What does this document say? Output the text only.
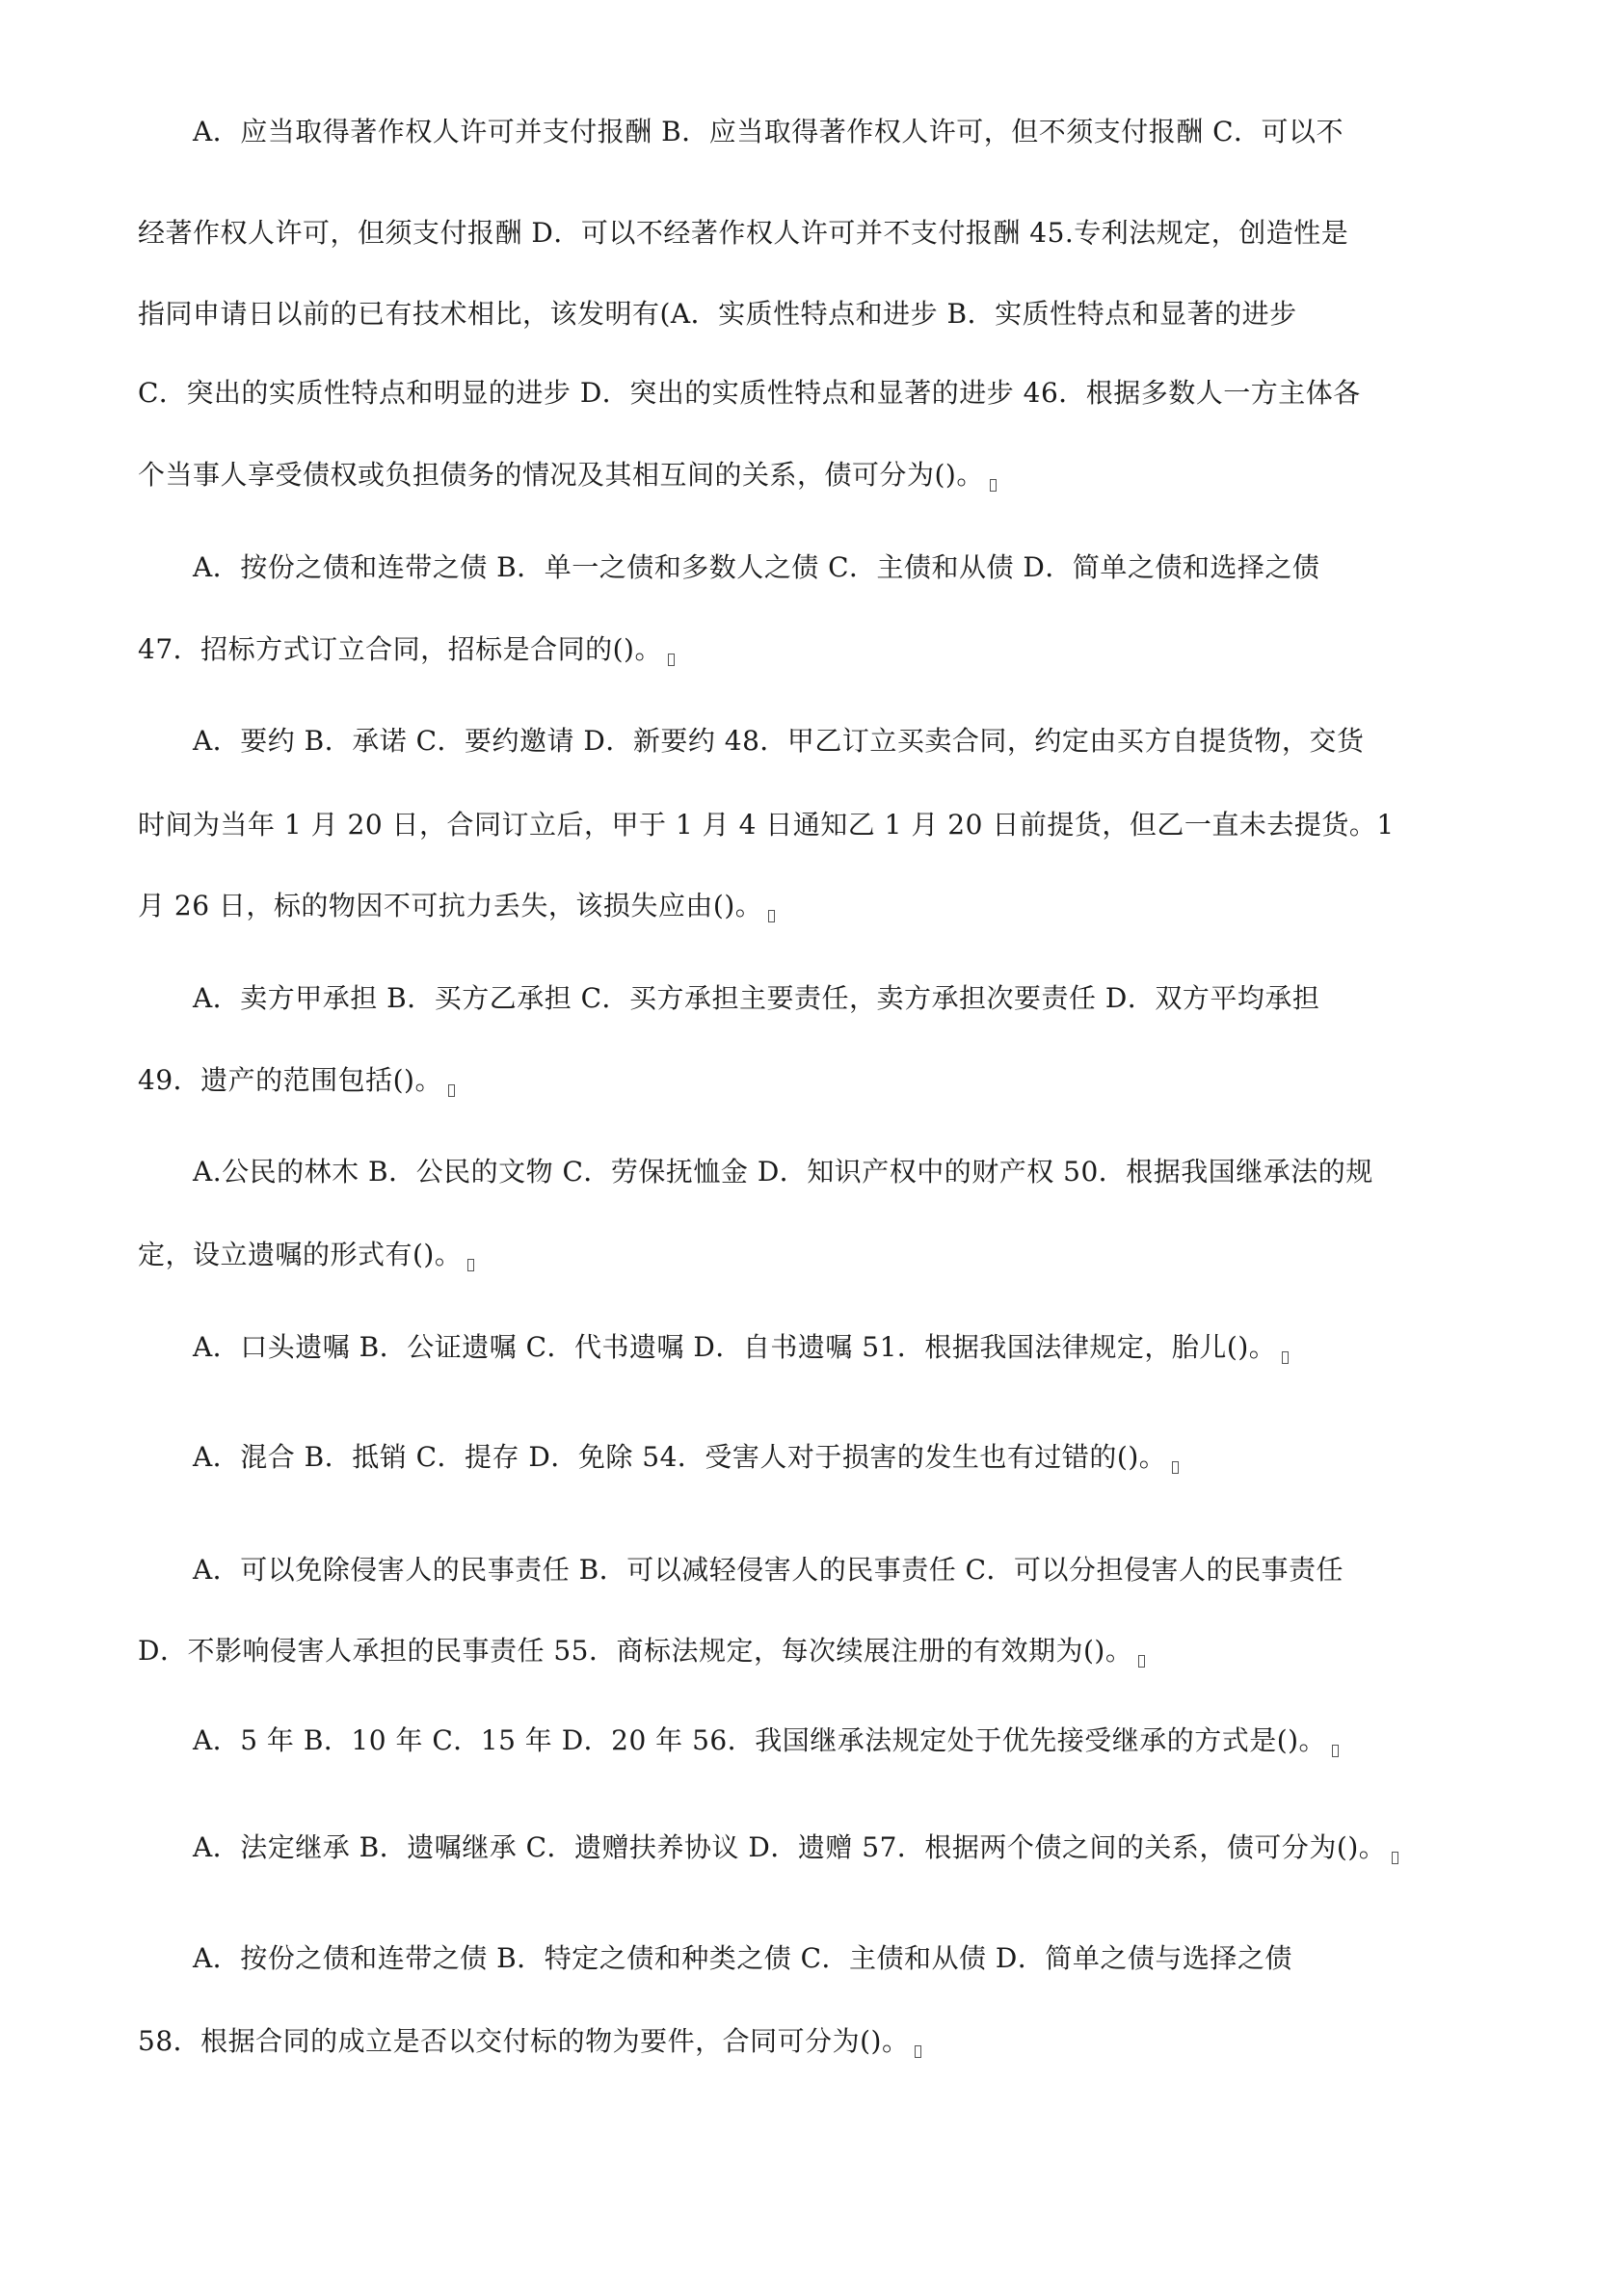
A．应当取得著作权人许可并支付报酬 B．应当取得著作权人许可，但不须支付报酬 C．可以不
经著作权人许可，但须支付报酬 D．可以不经著作权人许可并不支付报酬 45.专利法规定，创造性是
指同申请日以前的已有技术相比，该发明有(A．实质性特点和进步 B．实质性特点和显著的进步
C．突出的实质性特点和明显的进步 D．突出的实质性特点和显著的进步 46．根据多数人一方主体各
个当事人享受债权或负担债务的情况及其相互间的关系，债可分为()。
A．按份之债和连带之债 B．单一之债和多数人之债 C．主债和从债 D．简单之债和选择之债
47．招标方式订立合同，招标是合同的()。
A．要约 B．承诺 C．要约邀请 D．新要约 48．甲乙订立买卖合同，约定由买方自提货物，交货
时间为当年 1 月 20 日，合同订立后，甲于 1 月 4 日通知乙 1 月 20 日前提货，但乙一直未去提货。1
月 26 日，标的物因不可抗力丢失，该损失应由()。
A．卖方甲承担 B．买方乙承担 C．买方承担主要责任，卖方承担次要责任 D．双方平均承担
49．遗产的范围包括()。
A.公民的林木 B．公民的文物 C．劳保抚恤金 D．知识产权中的财产权 50．根据我国继承法的规
定，设立遗嘱的形式有()。
A．口头遗嘱 B．公证遗嘱 C．代书遗嘱 D．自书遗嘱 51．根据我国法律规定，胎儿()。
A．混合 B．抵销 C．提存 D．免除 54．受害人对于损害的发生也有过错的()。
A．可以免除侵害人的民事责任 B．可以减轻侵害人的民事责任 C．可以分担侵害人的民事责任
D．不影响侵害人承担的民事责任 55．商标法规定，每次续展注册的有效期为()。
A．5 年 B．10 年 C．15 年 D．20 年 56．我国继承法规定处于优先接受继承的方式是()。
A．法定继承 B．遗嘱继承 C．遗赠扶养协议 D．遗赠 57．根据两个债之间的关系，债可分为()。
A．按份之债和连带之债 B．特定之债和种类之债 C．主债和从债 D．简单之债与选择之债
58．根据合同的成立是否以交付标的物为要件，合同可分为()。
